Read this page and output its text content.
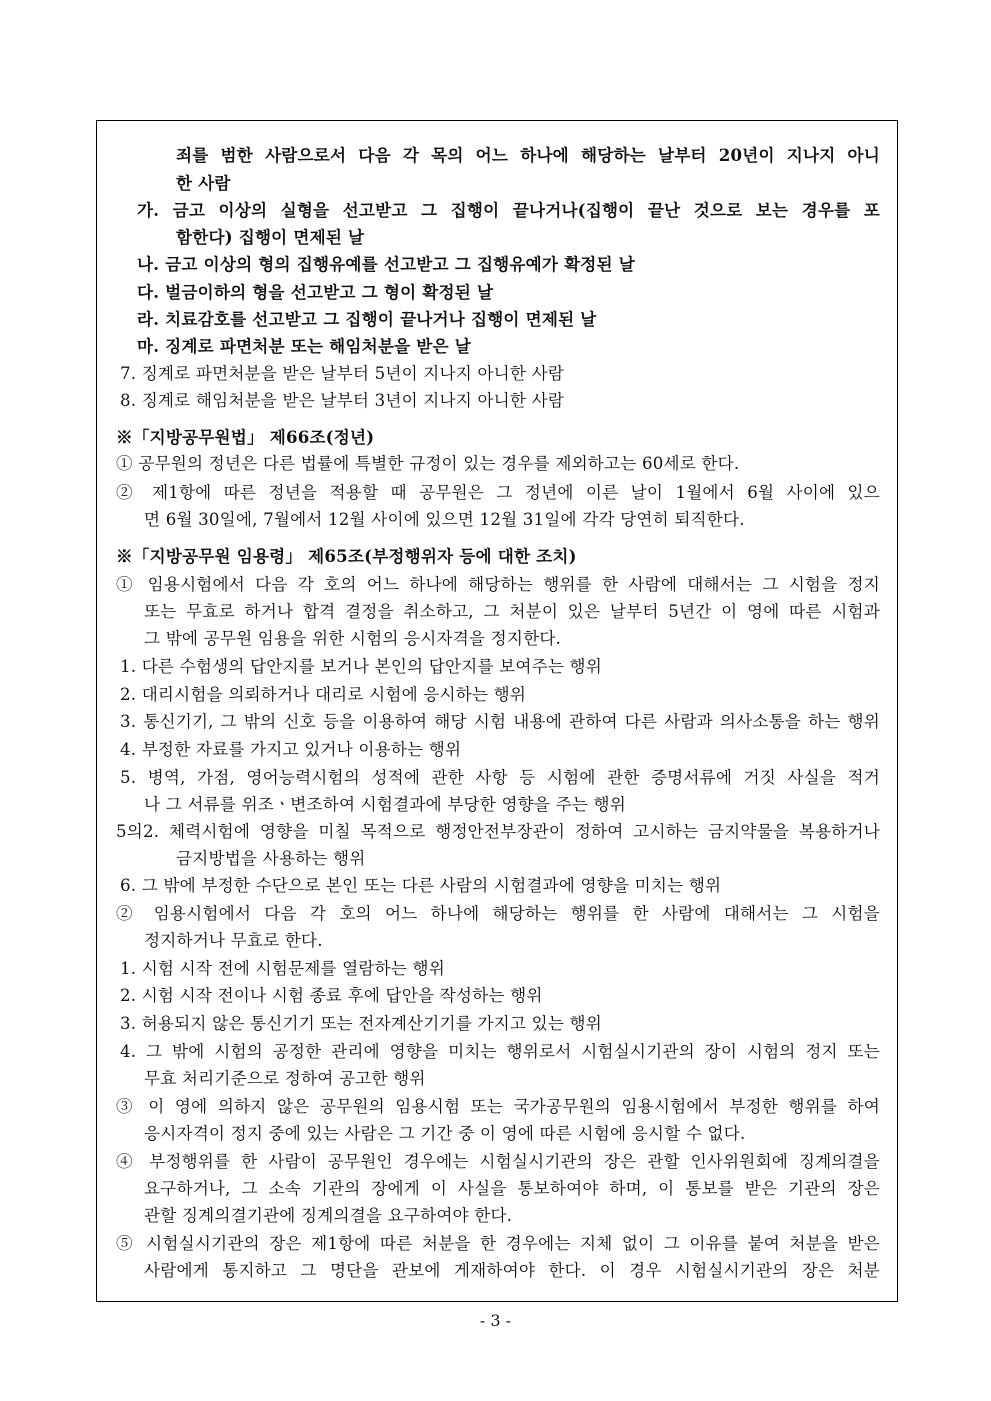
죄를 범한 사람으로서 다음 각 목의 어느 하나에 해당하는 날부터 20년이 지나지 아니
한 사람
가. 금고 이상의 실형을 선고받고 그 집행이 끝나거나(집행이 끝난 것으로 보는 경우를 포
함한다) 집행이 면제된 날
나. 금고 이상의 형의 집행유예를 선고받고 그 집행유예가 확정된 날
다. 벌금이하의 형을 선고받고 그 형이 확정된 날
라. 치료감호를 선고받고 그 집행이 끝나거나 집행이 면제된 날
마. 징계로 파면처분 또는 해임처분을 받은 날
7. 징계로 파면처분을 받은 날부터 5년이 지나지 아니한 사람
8. 징계로 해임처분을 받은 날부터 3년이 지나지 아니한 사람
※「지방공무원법」 제66조(정년)
① 공무원의 정년은 다른 법률에 특별한 규정이 있는 경우를 제외하고는 60세로 한다.
② 제1항에 따른 정년을 적용할 때 공무원은 그 정년에 이른 날이 1월에서 6월 사이에 있으
면 6월 30일에, 7월에서 12월 사이에 있으면 12월 31일에 각각 당연히 퇴직한다.
※「지방공무원 임용령」 제65조(부정행위자 등에 대한 조치)
① 임용시험에서 다음 각 호의 어느 하나에 해당하는 행위를 한 사람에 대해서는 그 시험을 정지
또는 무효로 하거나 합격 결정을 취소하고, 그 처분이 있은 날부터 5년간 이 영에 따른 시험과
그 밖에 공무원 임용을 위한 시험의 응시자격을 정지한다.
1. 다른 수험생의 답안지를 보거나 본인의 답안지를 보여주는 행위
2. 대리시험을 의뢰하거나 대리로 시험에 응시하는 행위
3. 통신기기, 그 밖의 신호 등을 이용하여 해당 시험 내용에 관하여 다른 사람과 의사소통을 하는 행위
4. 부정한 자료를 가지고 있거나 이용하는 행위
5. 병역, 가점, 영어능력시험의 성적에 관한 사항 등 시험에 관한 증명서류에 거짓 사실을 적거
나 그 서류를 위조ㆍ변조하여 시험결과에 부당한 영향을 주는 행위
5의2. 체력시험에 영향을 미칠 목적으로 행정안전부장관이 정하여 고시하는 금지약물을 복용하거나
금지방법을 사용하는 행위
6. 그 밖에 부정한 수단으로 본인 또는 다른 사람의 시험결과에 영향을 미치는 행위
② 임용시험에서 다음 각 호의 어느 하나에 해당하는 행위를 한 사람에 대해서는 그 시험을
정지하거나 무효로 한다.
1. 시험 시작 전에 시험문제를 열람하는 행위
2. 시험 시작 전이나 시험 종료 후에 답안을 작성하는 행위
3. 허용되지 않은 통신기기 또는 전자계산기기를 가지고 있는 행위
4. 그 밖에 시험의 공정한 관리에 영향을 미치는 행위로서 시험실시기관의 장이 시험의 정지 또는
무효 처리기준으로 정하여 공고한 행위
③ 이 영에 의하지 않은 공무원의 임용시험 또는 국가공무원의 임용시험에서 부정한 행위를 하여
응시자격이 정지 중에 있는 사람은 그 기간 중 이 영에 따른 시험에 응시할 수 없다.
④ 부정행위를 한 사람이 공무원인 경우에는 시험실시기관의 장은 관할 인사위원회에 징계의결을
요구하거나, 그 소속 기관의 장에게 이 사실을 통보하여야 하며, 이 통보를 받은 기관의 장은
관할 징계의결기관에 징계의결을 요구하여야 한다.
⑤ 시험실시기관의 장은 제1항에 따른 처분을 한 경우에는 지체 없이 그 이유를 붙여 처분을 받은
사람에게 통지하고 그 명단을 관보에 게재하여야 한다. 이 경우 시험실시기관의 장은 처분
- 3 -
